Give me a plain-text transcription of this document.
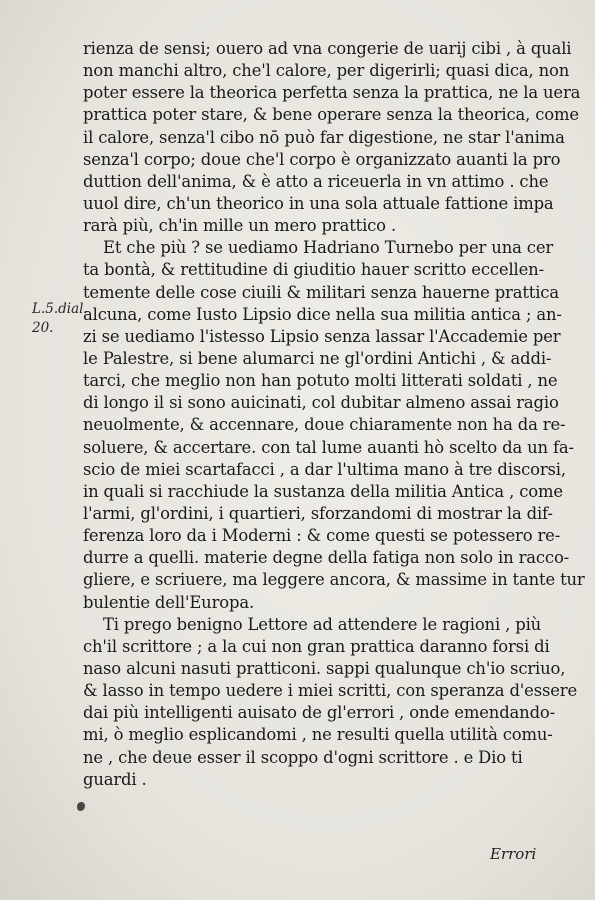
L.5.dial.
20.
rienza de sensi; ouero ad vna congerie de uarij cibi , à quali
non manchi altro, che'l calore, per digerirli; quasi dica, non
poter essere la theorica perfetta senza la prattica, ne la uera
prattica poter stare, & bene operare senza la theorica, come
il calore, senza'l cibo nō può far digestione, ne star l'anima
senza'l corpo; doue che'l corpo è organizzato auanti la pro
duttion dell'anima, & è atto a riceuerla in vn attimo . che
uuol dire, ch'un theorico in una sola attuale fattione impa
rarà più, ch'in mille un mero prattico .
Et che più ? se uediamo Hadriano Turnebo per una cer
ta bontà, & rettitudine di giuditio hauer scritto eccellen-
temente delle cose ciuili & militari senza hauerne prattica
alcuna, come Iusto Lipsio dice nella sua militia antica ; an-
zi se uediamo l'istesso Lipsio senza lassar l'Accademie per
le Palestre, si bene alumarci ne gl'ordini Antichi , & addi-
tarci, che meglio non han potuto molti litterati soldati , ne
di longo il si sono auicinati, col dubitar almeno assai ragio
neuolmente, & accennare, doue chiaramente non ha da re-
soluere, & accertare. con tal lume auanti hò scelto da un fa-
scio de miei scartafacci , a dar l'ultima mano à tre discorsi,
in quali si racchiude la sustanza della militia Antica , come
l'armi, gl'ordini, i quartieri, sforzandomi di mostrar la dif-
ferenza loro da i Moderni : & come questi se potessero re-
durre a quelli. materie degne della fatiga non solo in racco-
gliere, e scriuere, ma leggere ancora, & massime in tante tur
bulentie dell'Europa.
Ti prego benigno Lettore ad attendere le ragioni , più
ch'il scrittore ; a la cui non gran prattica daranno forsi di
naso alcuni nasuti pratticoni. sappi qualunque ch'io scriuo,
& lasso in tempo uedere i miei scritti, con speranza d'essere
dai più intelligenti auisato de gl'errori , onde emendando-
mi, ò meglio esplicandomi , ne resulti quella utilità comu-
ne , che deue esser il scoppo d'ogni scrittore . e Dio ti
guardi .

Errori
